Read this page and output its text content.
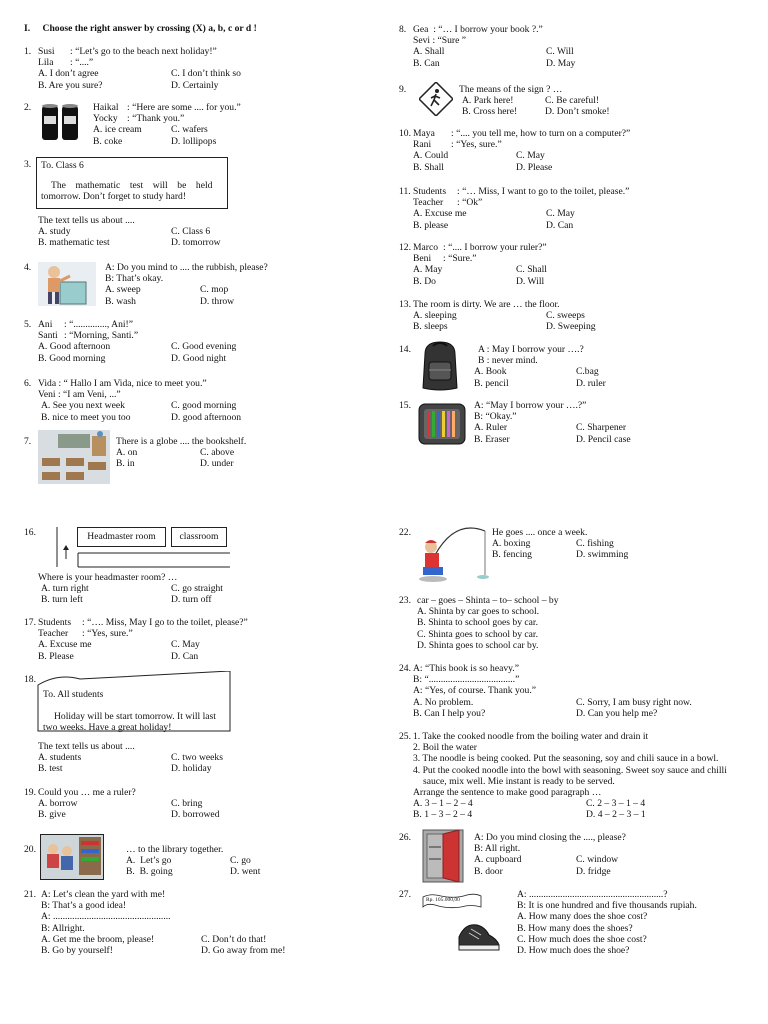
I. Choose the right answer by crossing (X) a, b, c or d !
1. Susi : “Let’s go to the beach next holiday!”
Lila : “....”
A. I don’t agree	C. I don’t think so
B. Are you sure?	D. Certainly
2.	Haikal : “Here are some .... for you.”
Yocky : “Thank you.”
A. ice cream	C. wafers
B. coke	D. lollipops
3. To. Class 6
The    mathematic    test    will    be    held
tomorrow. Don’t forget to study hard!
The text tells us about ....
A. study	C. Class 6
B. mathematic test	D. tomorrow
4.	A: Do you mind to .... the rubbish, please?
B: That’s okay.
A. sweep	C. mop
B. wash	D. throw
5. Ani : “.............., Ani!”
Santi : “Morning, Santi.”
A. Good afternoon	C. Good evening
B. Good morning	D. Good night
6. Vida : “ Hallo I am Vida, nice to meet you.”
Veni : “I am Veni, ...”
A. See you next week	C. good morning
B. nice to meet you too	D. good afternoon
7.	There is a globe .... the bookshelf.
A. on	C. above
B. in	D. under
16.	Headmaster room	classroom
Where is your headmaster room? …
A. turn right	C. go straight
B. turn left	D. turn off
17. Students : “…. Miss, May I go to the toilet, please?”
Teacher : “Yes, sure.”
A. Excuse me	C. May
B. Please	D. Can
18.
To. All students
Holiday will be start tomorrow. It will last
two weeks. Have a great holiday!
The text tells us about ....
A. students	C. two weeks
B. test	D. holiday
19. Could you … me a ruler?
A. borrow	C. bring
B. give	D. borrowed
20.	… to the library together.
A.  Let’s go	C. go
B.  B. going	D. went
21. A: Let’s clean the yard with me!
B: That’s a good idea!
A: .................................................
B: Allright.
A. Get me the broom, please!	C. Don’t do that!
B. Go by yourself!	D. Go away from me!
8. Gea  : “… I borrow your book ?.”
Sevi : “Sure ”
A. Shall	C. Will
B. Can	D. May
9.	The means of the sign ? …
A. Park here!	C. Be careful!
B. Cross here!	D. Don’t smoke!
10. Maya : “.... you tell me, how to turn on a computer?”
Rani : “Yes, sure.”
A. Could	C. May
B. Shall	D. Please
11. Students : “… Miss, I want to go to the toilet, please.”
Teacher : “Ok”
A. Excuse me	C. May
B. please	D. Can
12. Marco : “.... I borrow your ruler?”
Beni : “Sure.”
A. May	C. Shall
B. Do	D. Will
13. The room is dirty. We are … the floor.
A. sleeping	C. sweeps
B. sleeps	D. Sweeping
14.	A : May I borrow your ….?
B : never mind.
A. Book	C.bag
B. pencil	D. ruler
15.	A: “May I borrow your ….?”
B: “Okay.”
A. Ruler	C. Sharpener
B. Eraser	D. Pencil case
22.	He goes .... once a week.
A. boxing	C. fishing
B. fencing	D. swimming
23. car – goes – Shinta – to– school – by
A. Shinta by car goes to school.
B. Shinta to school goes by car.
C. Shinta goes to school by car.
D. Shinta goes to school car by.
24. A: “This book is so heavy.”
B: “....................................”
A: “Yes, of course. Thank you.”
A. No problem.	C. Sorry, I am busy right now.
B. Can I help you?	D. Can you help me?
25. 1. Take the cooked noodle from the boiling water and drain it
2. Boil the water
3. The noodle is being cooked. Put the seasoning, soy and chili sauce in a bowl.
4. Put the cooked noodle into the bowl with seasoning. Sweet soy sauce and chilli
sauce, mix well. Mie instant is ready to be served.
Arrange the sentence to make good paragraph …
A. 3 – 1 – 2 – 4	C. 2 – 3 – 1 – 4
B. 1 – 3 – 2 – 4	D. 4 – 2 – 3 – 1
26.	A: Do you mind closing the ...., please?
B: All right.
A. cupboard	C. window
B. door	D. fridge
27.	Rp. 105.000,00	A: ........................................................?
B: It is one hundred and five thousands rupiah.
A. How many does the shoe cost?
B. How many does the shoes?
C. How much does the shoe cost?
D. How much does the shoe?
